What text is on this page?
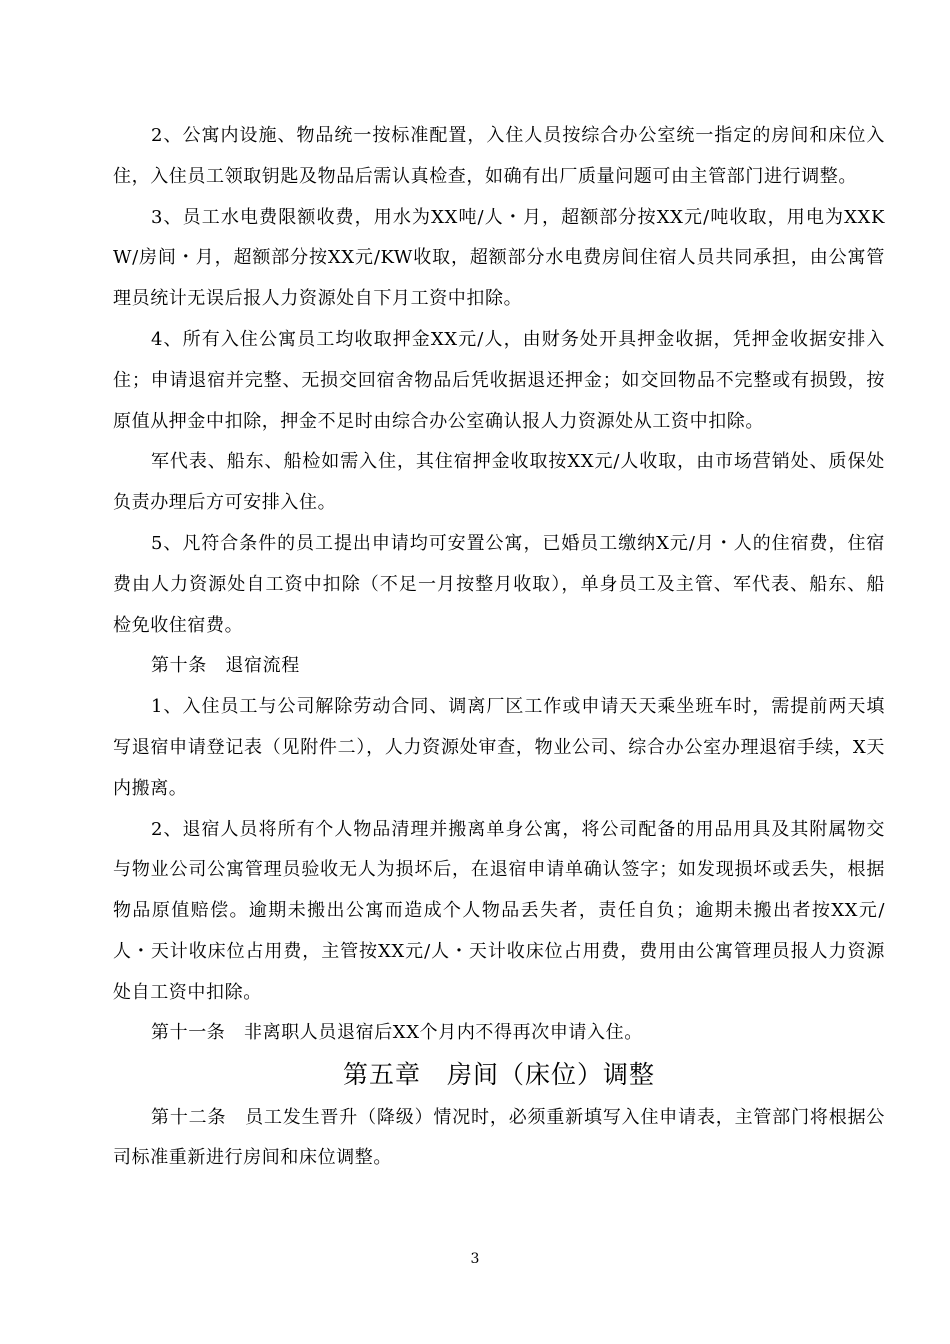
2、公寓内设施、物品统一按标准配置，入住人员按综合办公室统一指定的房间和床位入住，入住员工领取钥匙及物品后需认真检查，如确有出厂质量问题可由主管部门进行调整。

3、员工水电费限额收费，用水为XX吨/人・月，超额部分按XX元/吨收取，用电为XXKW/房间・月，超额部分按XX元/KW收取，超额部分水电费房间住宿人员共同承担，由公寓管理员统计无误后报人力资源处自下月工资中扣除。

4、所有入住公寓员工均收取押金XX元/人，由财务处开具押金收据，凭押金收据安排入住；申请退宿并完整、无损交回宿舍物品后凭收据退还押金；如交回物品不完整或有损毁，按原值从押金中扣除，押金不足时由综合办公室确认报人力资源处从工资中扣除。

军代表、船东、船检如需入住，其住宿押金收取按XX元/人收取，由市场营销处、质保处负责办理后方可安排入住。

5、凡符合条件的员工提出申请均可安置公寓，已婚员工缴纳X元/月・人的住宿费，住宿费由人力资源处自工资中扣除（不足一月按整月收取），单身员工及主管、军代表、船东、船检免收住宿费。

第十条　退宿流程

1、入住员工与公司解除劳动合同、调离厂区工作或申请天天乘坐班车时，需提前两天填写退宿申请登记表（见附件二），人力资源处审查，物业公司、综合办公室办理退宿手续，X天内搬离。

2、退宿人员将所有个人物品清理并搬离单身公寓，将公司配备的用品用具及其附属物交与物业公司公寓管理员验收无人为损坏后，在退宿申请单确认签字；如发现损坏或丢失，根据物品原值赔偿。逾期未搬出公寓而造成个人物品丢失者，责任自负；逾期未搬出者按XX元/人・天计收床位占用费，主管按XX元/人・天计收床位占用费，费用由公寓管理员报人力资源处自工资中扣除。

第十一条　非离职人员退宿后XX个月内不得再次申请入住。

第五章　房间（床位）调整

第十二条　员工发生晋升（降级）情况时，必须重新填写入住申请表，主管部门将根据公司标准重新进行房间和床位调整。

3
